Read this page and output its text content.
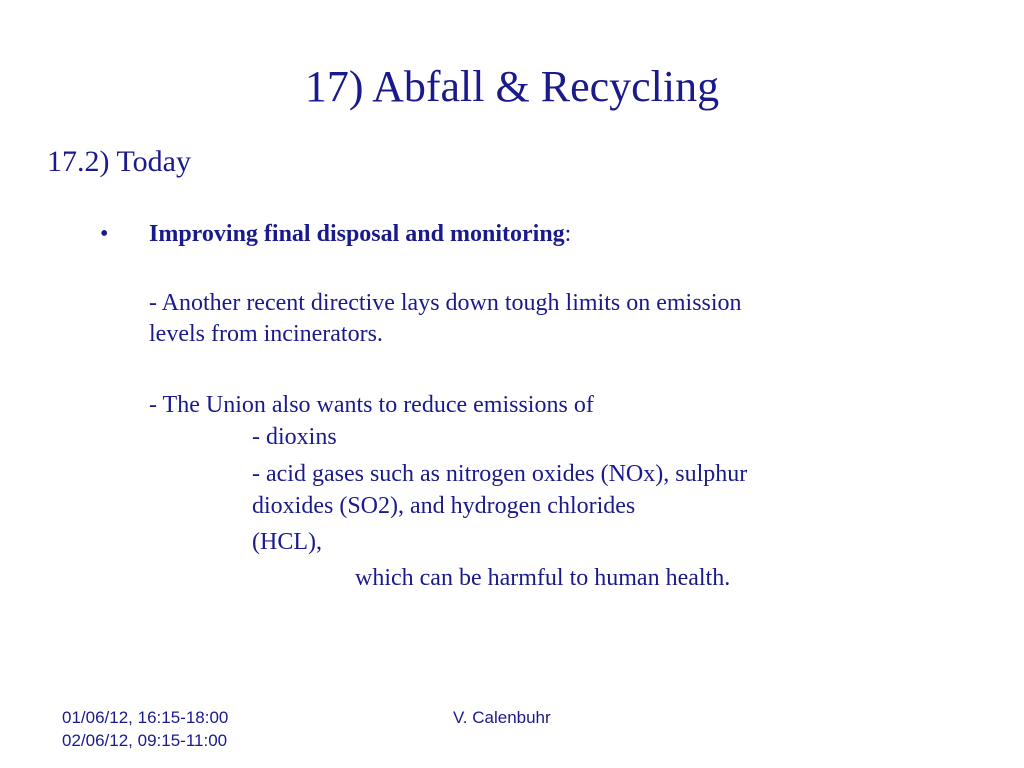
17) Abfall & Recycling
17.2) Today
• Improving final disposal and monitoring:
- Another recent directive lays down tough limits on emission
levels from incinerators.
- The Union also wants to reduce emissions of
- dioxins
- acid gases such as nitrogen oxides (NOx), sulphur
dioxides (SO2), and hydrogen chlorides
(HCL),
which can be harmful to human health.
01/06/12, 16:15-18:00
02/06/12, 09:15-11:00
V. Calenbuhr
